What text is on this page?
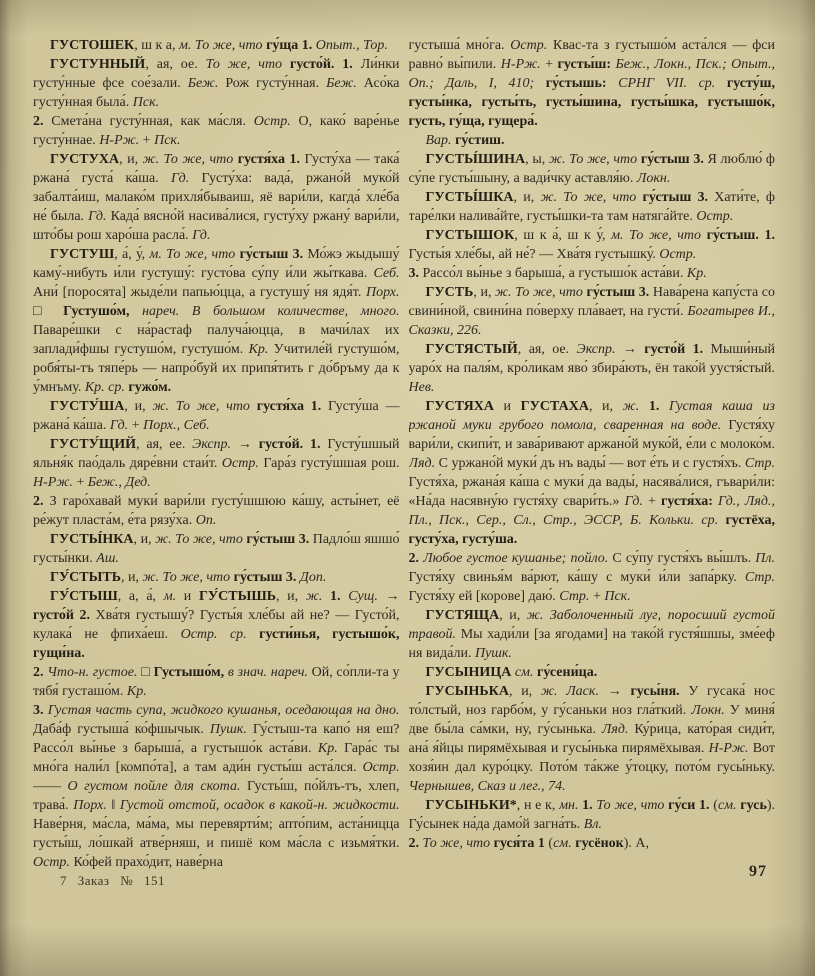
ГУСТОШЕК, ш к а, м. То же, что гу́ща 1. Опыт., Тор.

ГУСТУННЫЙ, ая, ое. То же, что густо́й. 1. Ли́нки густу́нные фсе сое́зали. Беж. Рож густу́нная. Беж. Асо́ка густу́нная была́. Пск.

2. Смета́на густу́нная, как ма́сля. Остр. О, како́ варе́нье густу́ннае. Н-Рж. + Пск.

ГУСТУХА, и, ж. То же, что густя́ха 1. Густу́ха — така́ ржана́ густа́ ка́ша. Гд. Густу́ха: вада́, ржано́й муко́й забалта́иш, малако́м прихля́бываиш, яё вари́ли, кагда́ хле́ба не́ была. Гд. Када́ вясно́й насива́лися, густу́ху ржану́ вари́ли, што́бы рош харо́ша расла́. Гд.

ГУСТУШ, а́, у́, м. То же, что гу́стыш 3. Мо́жэ жыдышу́ каму́-нибуть и́ли густушу́: густо́ва су́пу и́ли жы́ткава. Себ. Ани́ [поросята] жыде́ли папью́цца, а густушу́ ня ядя́т. Порх. □ Густушо́м, нареч. В большом количестве, много. Паваре́шки с на́растаф палуча́юцца, в мачи́лах их заплади́фшы густушо́м, густушо́м. Кр. Учитиле́й густушо́м, робя́ты-тъ тяпе́рь — напро́буй их припя́тить г до́бръму да к у́мнъму. Кр. ср. гужо́м.

ГУСТУ́ША, и, ж. То же, что густя́ха 1. Густу́ша — ржана́ ка́ша. Гд. + Порх., Себ.

ГУСТУ́ЩИЙ, ая, ее. Экспр. → густо́й. 1. Густу́шшый яльня́к пао́даль дяре́вни стаи́т. Остр. Гара́з густу́шшая рош. Н-Рж. + Беж., Дед.

2. З гаро́хавай муки́ вари́ли густу́шшюю ка́шу, асты́нет, её ре́жут пласта́м, е́та рязу́ха. Оп.

ГУСТЫ́НКА, и, ж. То же, что гу́стыш 3. Падло́ш яшшо́ густы́нки. Аш.

ГУ́СТЫТЬ, и, ж. То же, что гу́стыш 3. Доп.

ГУ́СТЫШ, а, а́, м. и ГУ́СТЫШЬ, и, ж. 1. Сущ. → густо́й 2. Хва́тя густышу́? Густы́я хле́бы ай не? — Густо́й, кулака́ не фпиха́еш. Остр. ср. густи́нья, густышо́к, гущи́на.

2. Что-н. густое. □ Густышо́м, в знач. нареч. Ой, со́пли-та у тябя́ густашо́м. Кр.

3. Густая часть супа, жидкого кушанья, оседающая на дно. Даба́ф густыша́ ко́фшычык. Пушк. Гу́стыш-та капо́ ня еш? Рассо́л вы́нье з барыша́, а густышо́к аста́ви. Кр. Гара́с ты мно́га нали́л [компо́та], а там ади́н густы́ш аста́лся. Остр. —— О густом пойле для скота. Густы́ш, по́йлъ-тъ, хлеп, трава́. Порх. ‖ Густой отстой, осадок в какой-н. жидкости. Наве́рня, ма́сла, ма́ма, мы перевярти́м; апто́пим, аста́ницца густы́ш, ло́шкай атве́рняш, и пишё ком ма́сла с изьмя́тки. Остр. Ко́фей прахо́дит, наве́рна

густыша́ мно́га. Остр. Квас-та з густышо́м аста́лся — фси равно́ вы́пили. Н-Рж. + густы́ш: Беж., Локн., Пск.; Опыт., Оп.; Даль, I, 410; гу́стышь: СРНГ VII. ср. густу́ш, густы́нка, густы́ть, густы́шина, густы́шка, густышо́к, густь, гу́ща, гущера́.

Вар. гу́стиш.

ГУСТЫ́ШИНА, ы, ж. То же, что гу́стыш 3. Я люблю́ ф су́пе густы́шыну, а вади́чку аставля́ю. Локн.

ГУСТЫ́ШКА, и, ж. То же, что гу́стыш 3. Хати́те, ф таре́лки налива́йте, густы́шки-та там натяга́йте. Остр.

ГУСТЫШОК, ш к а́, ш к у́, м. То же, что гу́стыш. 1. Густы́я хле́бы, ай не́? — Хва́тя густышку́. Остр.

3. Рассо́л вы́нье з барыша́, а густышо́к аста́ви. Кр.

ГУСТЬ, и, ж. То же, что гу́стыш 3. Нава́рена капу́ста со свини́ной, свини́на по́верху пла́вает, на густи́. Богатырев И., Сказки, 226.

ГУСТЯСТЫЙ, ая, ое. Экспр. → густо́й 1. Мыши́ный уаро́х на паля́м, кро́ликам яво́ збира́ють, ён тако́й уустя́стый. Нев.

ГУСТЯХА и ГУСТАХА, и, ж. 1. Густая каша из ржаной муки грубого помола, сваренная на воде. Густя́ху вари́ли, скипи́т, и зава́ривают аржано́й муко́й, е́ли с молоко́м. Ляд. С уржано́й муки́ дъ нъ вады́ — вот е́ть и с густя́хъ. Стр. Густя́ха, ржана́я ка́ша с муки́ да вады́, насява́лися, гъвари́ли: «На́да насявну́ю густя́ху свари́ть.» Гд. + густя́ха: Гд., Ляд., Пл., Пск., Сер., Сл., Стр., ЭССР, Б. Кольки. ср. густёха, густу́ха, густу́ша.

2. Любое густое кушанье; пойло. С су́пу густя́хъ вы́шлъ. Пл. Густя́ху свинья́м ва́рют, ка́шу с муки́ и́ли запа́рку. Стр. Густя́ху ей [корове] даю́. Стр. + Пск.

ГУСТЯЩА, и, ж. Заболоченный луг, поросший густой травой. Мы хади́ли [за ягодами] на тако́й густя́шшы, зме́еф ня вида́ли. Пушк.

ГУСЫНИЦА см. гу́сени́ца.

ГУСЫНЬКА, и, ж. Ласк. → гусы́ня. У гусака́ нос то́лстый, ноз гарбо́м, у гу́саньки ноз гла́ткий. Локн. У миня́ две бы́ла са́мки, ну, гу́сынька. Ляд. Ку́рица, като́рая сиди́т, ана́ я́йцы пирямёхывая и гусы́нька пирямёхывая. Н-Рж. Вот хозя́ин дал куро́цку. Пото́м та́кже у́тоцку, пото́м гусы́ньку. Чернышев, Сказ и лег., 74.

ГУСЫНЬКИ*, н е к, мн. 1. То же, что гу́си 1. (см. гусь). Гу́сынек на́да дамо́й загна́ть. Вл.

2. То же, что гуся́та 1 (см. гусёнок). А,

7 Заказ № 151
97
